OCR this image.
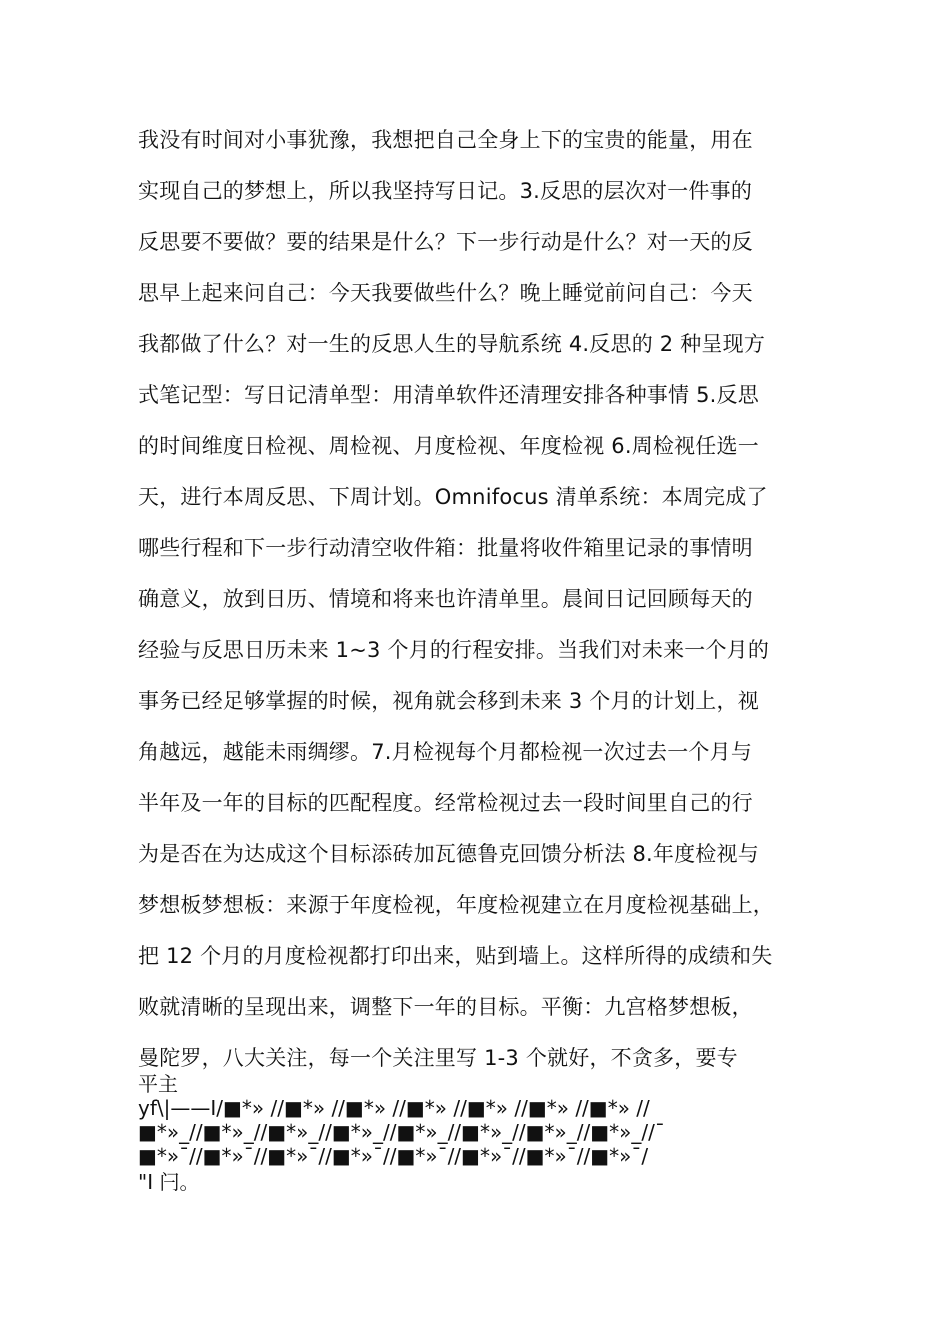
我没有时间对小事犹豫，我想把自己全身上下的宝贵的能量，用在
实现自己的梦想上，所以我坚持写日记。3.反思的层次对一件事的
反思要不要做？要的结果是什么？下一步行动是什么？对一天的反
思早上起来问自己：今天我要做些什么？晚上睡觉前问自己：今天
我都做了什么？对一生的反思人生的导航系统 4.反思的 2 种呈现方
式笔记型：写日记清单型：用清单软件还清理安排各种事情 5.反思
的时间维度日检视、周检视、月度检视、年度检视 6.周检视任选一
天，进行本周反思、下周计划。Omnifocus 清单系统：本周完成了
哪些行程和下一步行动清空收件箱：批量将收件箱里记录的事情明
确意义，放到日历、情境和将来也许清单里。晨间日记回顾每天的
经验与反思日历未来 1~3 个月的行程安排。当我们对未来一个月的
事务已经足够掌握的时候，视角就会移到未来 3 个月的计划上，视
角越远，越能未雨绸缪。7.月检视每个月都检视一次过去一个月与
半年及一年的目标的匹配程度。经常检视过去一段时间里自己的行
为是否在为达成这个目标添砖加瓦德鲁克回馈分析法 8.年度检视与
梦想板梦想板：来源于年度检视，年度检视建立在月度检视基础上，
把 12 个月的月度检视都打印出来，贴到墙上。这样所得的成绩和失
败就清晰的呈现出来，调整下一年的目标。平衡：九宫格梦想板，
曼陀罗，八大关注，每一个关注里写 1-3 个就好，不贪多，要专
平主
yf\|——I/■*» //■*» //■*» //■*» //■*» //■*» //■*» //
■*»_//■*»_//■*»_//■*»_//■*»_//■*»_//■*»_//■*»_//¯
■*»¯//■*»¯//■*»¯//■*»¯//■*»¯//■*»¯//■*»¯//■*»¯/
"I 闩。
